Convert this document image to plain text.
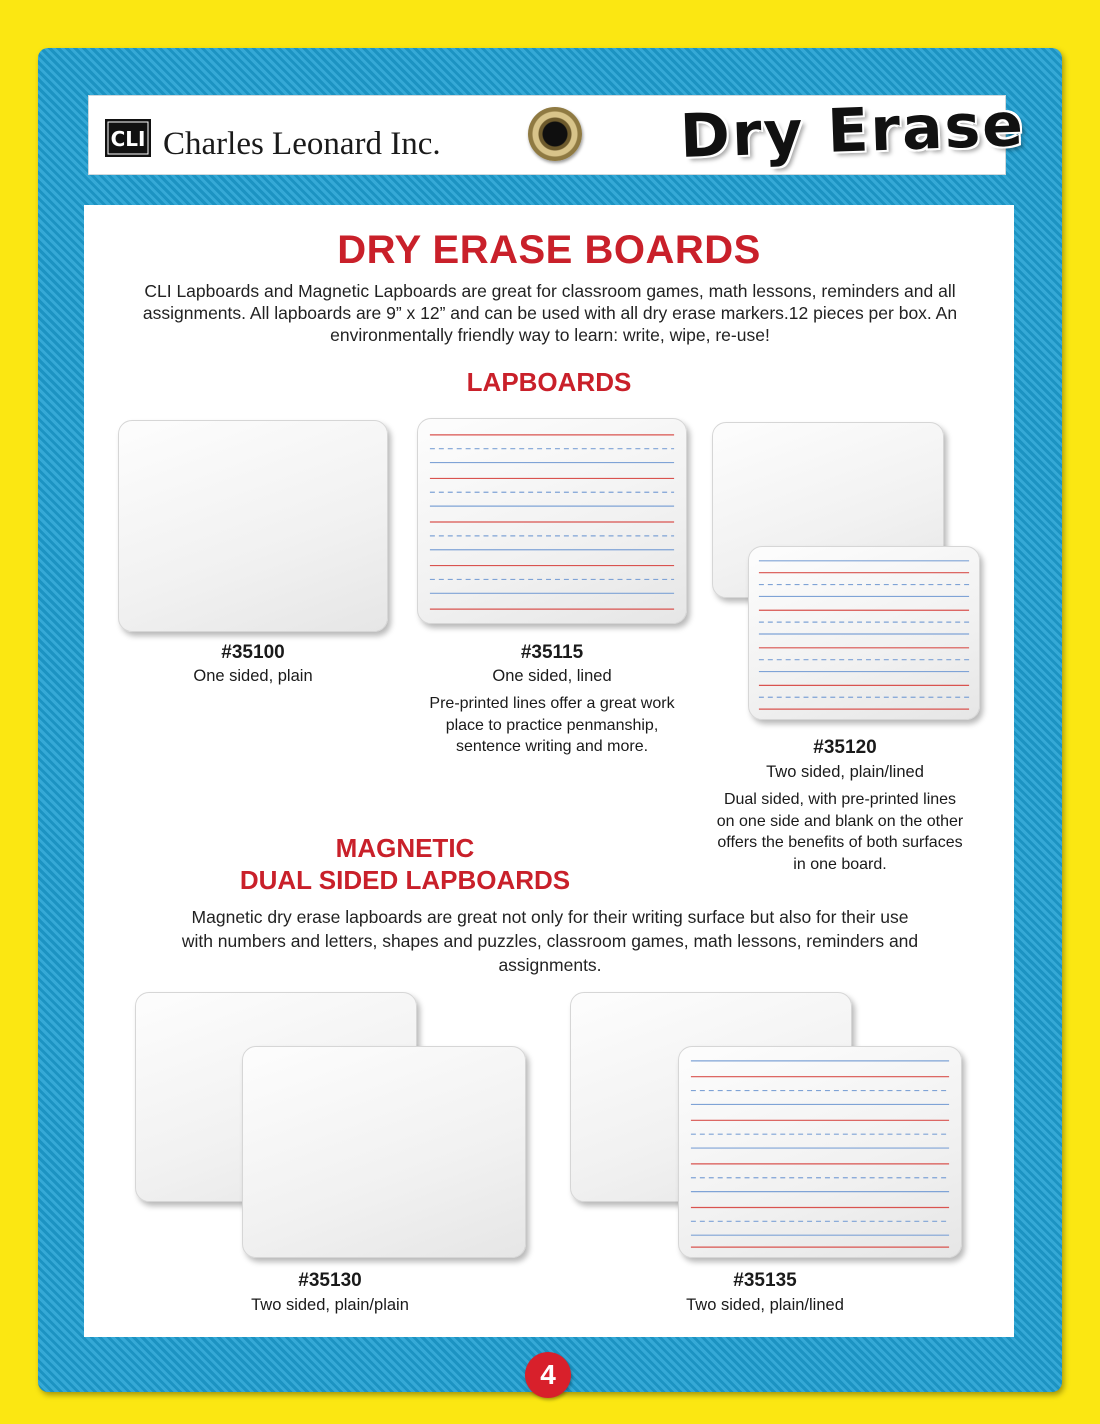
CLI Charles Leonard Inc.	Dry Erase
DRY ERASE BOARDS
CLI Lapboards and Magnetic Lapboards are great for classroom games, math lessons, reminders and all assignments. All lapboards are 9” x 12” and can be used with all dry erase markers.12 pieces per box. An environmentally friendly way to learn: write, wipe, re-use!
LAPBOARDS
#35100
One sided, plain
#35115
One sided, lined
Pre-printed lines offer a great work place to practice penmanship, sentence writing and more.	#35120
Two sided, plain/lined
Dual sided, with pre-printed lines on one side and blank on the other offers the benefits of both surfaces in one board.
MAGNETIC
DUAL SIDED LAPBOARDS
Magnetic dry erase lapboards are great not only for their writing surface but also for their use with numbers and letters, shapes and puzzles, classroom games, math lessons, reminders and assignments.
#35130
Two sided, plain/plain
#35135
Two sided, plain/lined
4
